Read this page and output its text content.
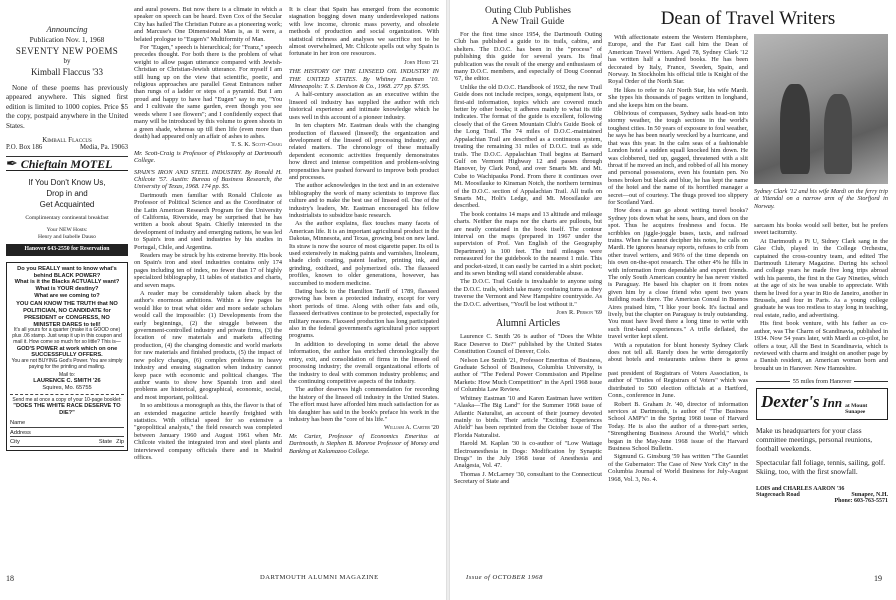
Announcing
Publication Nov. 1, 1968
SEVENTY NEW POEMS
by
Kimball Flaccus '33

None of these poems has previously appeared anywhere. This signed first edition is limited to 1000 copies. Price $5 the copy, postpaid anywhere in the United States.

Kimball Flaccus
P.O. Box 186	Media, Pa. 19063
✒ Chieftain MOTEL
If You Don't Know Us,
Drop in and
Get Acquainted
Complimentary continental breakfast
Your NEW Hosts:
Henry and Isabelle Dauso
Hanover 643-2550 for Reservation
Do you REALLY want to know what's behind BLACK POWER?
What is it the Blacks ACTUALLY want?
What is YOUR destiny?
What are we coming to?
YOU CAN KNOW THE TRUTH that NO POLITICIAN, NO CANDIDATE for PRESIDENT or CONGRESS, NO MINISTER DARES to tell!
It's all yours for a quarter (make it a GOOD one) plus .06 stamp. Just wrap it up in this coupon and mail it. How come so much for so little? This is—
GOD'S POWER at work which on one SUCCESSFULLY OFFERS.
You are not BUYING God's Power. You are simply paying for the printing and mailing.
Mail to:
LAURENCE C. SMITH '26
Squires, Mo. 65755
Send me at once a copy of your 10-page booklet:
"DOES THE WHITE RACE DESERVE TO DIE?"
Name
Address
City	State Zip

and aural powers. But now there is a climate in which a speaker on speech can be heard. Even Cox of the Secular City has hailed The Christian Future as a pioneering work; and Marcuse's One Dimensional Man is, as it were, a belated prologue to "Eugen's" Multiformity of Man.

For "Eugen," speech is hierarchical; for "Franz," speech precedes thought. For both there is the problem of what weight to allow pagan utterance compared with Jewish-Christian or Christian-Jewish utterance. For myself I am still hung up on the view that scientific, poetic, and religious approaches are parallel Great Entrances rather than rungs of a ladder or steps of a pyramid. But I am proud and happy to have had "Eugen" say to me, "You and I cultivate the same garden, even though you see weeds where I see flowers"; and I confidently expect that many will be introduced by this volume to green shoots in a green shade, whereas up till then life (even more than death) had appeared only an affair of ashes to ashes.

T. S. K. Scott-Craig

Mr. Scott-Craig is Professor of Philosophy at Dartmouth College.

SPAIN'S IRON AND STEEL INDUSTRY. By Ronald H. Chilcote '57. Austin: Bureau of Business Research, the University of Texas, 1968. 174 pp. $5.

Dartmouth men familiar with Ronald Chilcote as Professor of Political Science and as the Coordinator of the Latin American Research Program for the University of California, Riverside, may be surprised that he has written a book about Spain. Chiefly interested in the development of industry and emerging nations, he was led to Spain's iron and steel industries by his studies in Portugal, Chile, and Argentina.

Readers may be struck by his extreme brevity. His book on Spain's iron and steel industries contains only 174 pages including ten of index, no fewer than 17 of highly specialized bibliography, 11 tables of statistics and charts, and seven maps.

A reader may be considerably taken aback by the author's enormous ambitions. Within a few pages he would like to treat what older and more sedate scholars would call the impossible: (1) Developments from the early beginnings, (2) the struggle between the government-controlled industry and private firms, (3) the location of raw materials and markets affecting production, (4) the changing domestic and world markets for raw materials and finished products, (5) the impact of new policy changes, (6) complex problems in heavy industry and ensuing stagnation when industry cannot keep pace with economic and political changes. The author wants to show how Spanish iron and steel problems are historical, geographical, economic, social, and most important, political.

In so ambitious a monograph as this, the flavor is that of an extended magazine article heavily freighted with statistics. With official speed for so extensive a "geopolitical analysis," the field research was completed between January 1960 and August 1961 when Mr. Chilcote visited the integrated iron and steel plants and interviewed company officials there and in Madrid offices.

It is clear that Spain has emerged from the economic stagnation bogging down many underdeveloped nations with low income, chronic mass poverty, and obsolete methods of production and social organization. With statistical richness and analyses we sacrifice not to be almost overwhelmed, Mr. Chilcote spells out why Spain is fortunate in her iron ore resources.

John Hurd '21

THE HISTORY OF THE LINSEED OIL INDUSTRY IN THE UNITED STATES. By Whitney Eastman '10. Minneapolis: T. S. Denison & Co., 1968. 277 pp. $7.95.

A half-century association as an executive within the linseed oil industry has supplied the author with rich historical experience and intimate knowledge which he uses well in this account of a pioneer industry.

In ten chapters Mr. Eastman deals with the changing production of flaxseed (linseed); the organization and development of the linseed oil processing industry; and related matters. The chronology of these mutually dependent economic activities frequently demonstrates how direct and intense competition and problem-solving propensities have pushed forward to improve both product and processes.

The author acknowledges in the text and in an extensive bibliography the work of many scientists to improve flax culture and to make the best use of linseed oil. One of the industry's leaders, Mr. Eastman encouraged his fellow industrialists to subsidize basic research.

As the author explains, flax touches many facets of American life. It is an important agricultural product in the Dakotas, Minnesota, and Texas, growing best on new land. Its straw is now the source of most cigarette paper. Its oil is used extensively in making paints and varnishes, linoleum, shade cloth coating, patent leather, printing ink, and grinding, oxidized, and polymerized oils. The flaxseed profiles, known to older generations, however, has succumbed to modern medicine.

Dating back to the Hamilton Tariff of 1789, flaxseed growing has been a protected industry, except for very short periods of time. Along with other fats and oils, flaxseed derivatives continue to be protected, especially for military reasons. Flaxseed production has long participated also in the federal government's agricultural price support programs.

In addition to developing in some detail the above information, the author has enriched chronologically the entry, exit, and consolidation of firms in the linseed oil processing industry; the overall organizational efforts of the industry to deal with common industry problems; and the continuing competitive aspects of the industry.

The author deserves high commendation for recording the history of the linseed oil industry in the United States. The effort must have afforded him much satisfaction for as his daughter has said in the book's preface his work in the industry has been the "core of his life."

William A. Carter '20

Mr. Carter, Professor of Economics Emeritus at Dartmouth, is Stephen B. Monroe Professor of Money and Banking at Kalamazoo College.

18	DARTMOUTH ALUMNI MAGAZINE
Outing Club Publishes
A New Trail Guide

For the first time since 1954, the Dartmouth Outing Club has published a guide to its trails, cabins, and shelters. The D.O.C. has been in the "process" of publishing this guide for several years. Its final publication was the result of the energy and enthusiasm of many D.O.C. members, and especially of Doug Coonrad '67, the editor.

Unlike the old D.O.C. Handbook of 1932, the new Trail Guide does not include recipes, songs, equipment lists, or first-aid information, topics which are covered much better by other books; it adheres mainly to what its title indicates. The format of the guide is excellent, following closely that of the Green Mountain Club's Guide Book of the Long Trail. The 74 miles of D.O.C.-maintained Appalachian Trail are described as a continuous system, treating the remaining 31 miles of D.O.C. trail as side trails. The D.O.C. Appalachian Trail begins at Barnard Gulf on Vermont Highway 12 and passes through Hanover, by Clark Pond, and over Smarts Mt. and Mt. Cube to Wachipauka Pond. From there it continues over Mt. Moosilauke to Kinsman Notch, the northern terminus of the D.O.C. section of Appalachian Trail. All trails on Smarts Mt., Holt's Ledge, and Mt. Moosilauke are described.

The book contains 14 maps and 13 altitude and mileage charts. Neither the maps nor the charts are pullouts, but are neatly contained in the book itself. The contour interval on the maps (prepared in 1967 under the supervision of Prof. Van English of the Geography Department) is 100 feet. The trail mileages were remeasured for the guidebook to the nearest 1 mile. This and pocket-sized, it can easily be carried in a shirt pocket; and its sewn binding will stand considerable abuse.

The D.O.C. Trail Guide is invaluable to anyone using the D.O.C. trails, which take many confusing turns as they traverse the Vermont and New Hampshire countryside. As the D.O.C. advertises, "You'll be lost without it."

John R. Person '69

Alumni Articles

Laurence C. Smith '26 is author of "Does the White Race Deserve to Die?" published by the United States Constitution Council of Denver, Colo.

Nelson Lee Smith '21, Professor Emeritus of Business, Graduate School of Business, Columbia University, is author of "The Federal Power Commission and Pipeline Markets: How Much Competition" in the April 1968 issue of Columbia Law Review.

Whitney Eastman '10 and Karen Eastman have written "Alaska—The Big Land" for the Summer 1968 issue of Atlantic Naturalist, an account of their journey devoted mainly to birds. Their article "Exciting Experiences Afield" has been reprinted from the October issue of The Florida Naturalist.

Harold M. Kaplan '30 is co-author of "Low Wattage Electroanesthesia in Dogs: Modification by Synaptic Drugs" in the July 1968 issue of Anesthesia and Analgesia, Vol. 47.

Thomas J. McLarney '30, consultant to the Connecticut Secretary of State and

Dean of Travel Writers

With affectionate esteem the Western Hemisphere, Europe, and the Far East call him the Dean of American Travel Writers. Aged 78, Sydney Clark '12 has written half a hundred books. He has been decorated by Italy, France, Sweden, Spain, and Norway. In Stockholm his official title is Knight of the Royal Order of the North Star.

He likes to refer to Air North Star, his wife Mardi. She types his thousands of pages written in longhand, and she keeps him on the beam.

Oblivious of compasses, Sydney sails head-on into stormy weather, the tough sections in the world's toughest cities. In 50 years of exposure to foul weather, he says he has been nearly wrecked by a hurricane, and that was this year. In the calm seas of a fashionable London hotel a sudden squall knocked him down. He was clobbered, tied up, gagged, threatened with a slit throat if he moved an inch, and robbed of all his money and personal possessions, even his fountain pen. No bones broken but black and blue, he has kept the name of the hotel and the name of its horrified manager a secret—out of courtesy. The thugs proved too slippery for Scotland Yard.

How does a man go about writing travel books? Sydney jots down what he sees, hears, and does on the spot. Thus he acquires freshness and focus. He scribbles on jiggle-joggle buses, taxis, and railroad trains. When he cannot decipher his notes, he calls on Mardi. He ignores hearsay reports, refuses to crib from other travel writers, and 96% of the time depends on his own on-the-spot research. The other 4% he fills in with information from dependable and expert friends. The only South American country he has never visited is Paraguay. He based his chapter on it from notes given him by a close friend who spent two years building roads there. The American Consul in Buenos Aires praised him, "I like your book. It's factual and lively, but the chapter on Paraguay is truly outstanding. You must have lived there a long time to write with such first-hand experiences." A trifle deflated, the travel writer kept silent.

With a reputation for blunt honesty Sydney Clark does not tell all. Rarely does he write derogatorily about hotels and restaurants unless there is gross

Sydney Clark '12 and his wife Mardi on the ferry trip at Yttendal on a narrow arm of the Storfjord in Norway.

sarcasm his books would sell better, but he prefers sweet taciturnity.

At Dartmouth a Pi U, Sidney Clark sang in the Glee Club, played in the College Orchestra, captained the cross-country team, and edited The Dartmouth Literary Magazine. During his school and college years he made five long trips abroad with his parents, the first in the Gay Nineties, which at the age of six he was unable to appreciate. With them he lived for a year in Rio de Janeiro, another in Brussels, and four in Paris. As a young college graduate he was too restless to stay long in teaching, real estate, radio, and advertising.

His first book venture, with his father as co-author, was The Charm of Scandinavia, published in 1934. Now 54 years later, with Mardi as co-pilot, he offers a tour, All the Best in Scandinavia, which is reviewed with charm and insight on another page by a Danish resident, an American woman born and brought up in Hanover, New Hampshire.

past president of Registrars of Voters Association, is author of "Duties of Registrars of Voters" which was distributed to 500 election officials at a Hartford, Conn., conference in June.

Robert B. Graham Jr. '40, director of information services at Dartmouth, is author of "The Business School AMP's" in the Spring 1968 issue of Harvard Today. He is also the author of a three-part series, "Strengthening Business Around the World," which began in the May-June 1968 issue of the Harvard Business School Bulletin.

Sigmund G. Ginsburg '59 has written "The Gauntlet of the Gubernator: The Case of New York City" in the Columbia Journal of World Business for July-August 1968, Vol. 3, No. 4.

55 miles from Hanover
Dexter's Inn at Mount Sunapee

Make us headquarters for your class committee meetings, personal reunions, football weekends.

Spectacular fall foliage, tennis, sailing, golf. Skiing, too, with the first snowfall.

LOIS and CHARLES AARON '36
Stagecoach Road	Sunapee, N.H.
Phone: 603-763-5571
Issue of OCTOBER 1968	19
